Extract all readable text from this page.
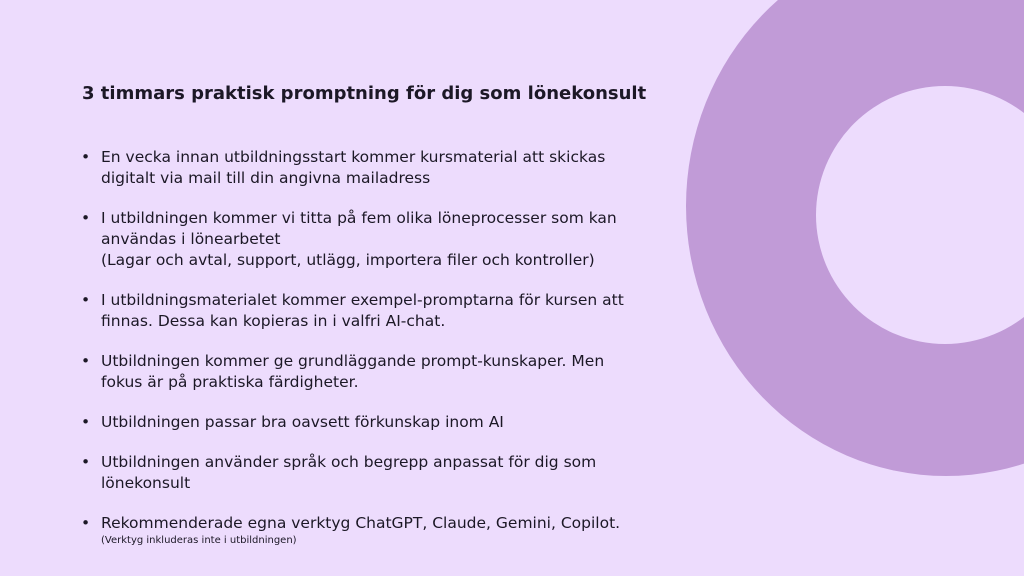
3 timmars praktisk promptning för dig som lönekonsult
• En vecka innan utbildningsstart kommer kursmaterial att skickas
digitalt via mail till din angivna mailadress
• I utbildningen kommer vi titta på fem olika löneprocesser som kan
användas i lönearbetet
(Lagar och avtal, support, utlägg, importera filer och kontroller)
• I utbildningsmaterialet kommer exempel-promptarna för kursen att
finnas. Dessa kan kopieras in i valfri AI-chat.
• Utbildningen kommer ge grundläggande prompt-kunskaper. Men
fokus är på praktiska färdigheter.
• Utbildningen passar bra oavsett förkunskap inom AI
• Utbildningen använder språk och begrepp anpassat för dig som
lönekonsult
• Rekommenderade egna verktyg ChatGPT, Claude, Gemini, Copilot.
(Verktyg inkluderas inte i utbildningen)
